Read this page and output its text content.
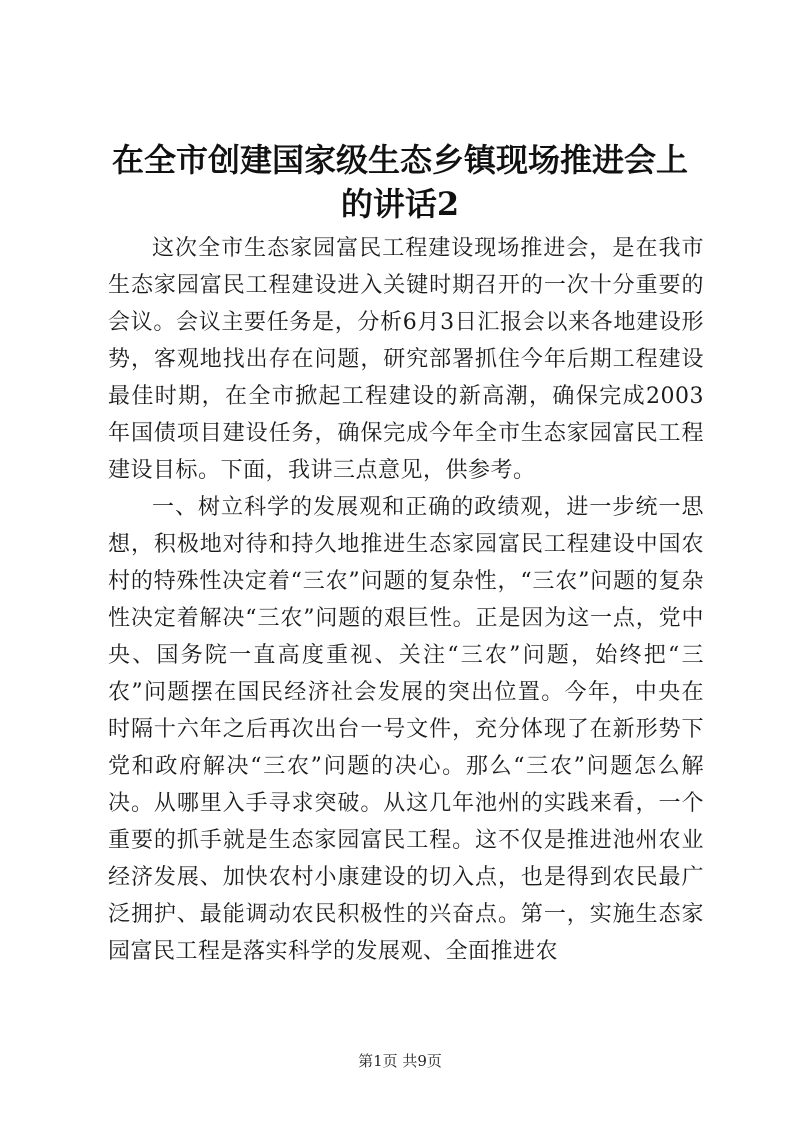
在全市创建国家级生态乡镇现场推进会上的讲话2

这次全市生态家园富民工程建设现场推进会，是在我市生态家园富民工程建设进入关键时期召开的一次十分重要的会议。会议主要任务是，分析6月3日汇报会以来各地建设形势，客观地找出存在问题，研究部署抓住今年后期工程建设最佳时期，在全市掀起工程建设的新高潮，确保完成2003年国债项目建设任务，确保完成今年全市生态家园富民工程建设目标。下面，我讲三点意见，供参考。

一、树立科学的发展观和正确的政绩观，进一步统一思想，积极地对待和持久地推进生态家园富民工程建设中国农村的特殊性决定着“三农”问题的复杂性，“三农”问题的复杂性决定着解决“三农”问题的艰巨性。正是因为这一点，党中央、国务院一直高度重视、关注“三农”问题，始终把“三农”问题摆在国民经济社会发展的突出位置。今年，中央在时隔十六年之后再次出台一号文件，充分体现了在新形势下党和政府解决“三农”问题的决心。那么“三农”问题怎么解决。从哪里入手寻求突破。从这几年池州的实践来看，一个重要的抓手就是生态家园富民工程。这不仅是推进池州农业经济发展、加快农村小康建设的切入点，也是得到农民最广泛拥护、最能调动农民积极性的兴奋点。第一，实施生态家园富民工程是落实科学的发展观、全面推进农

第1页 共9页
